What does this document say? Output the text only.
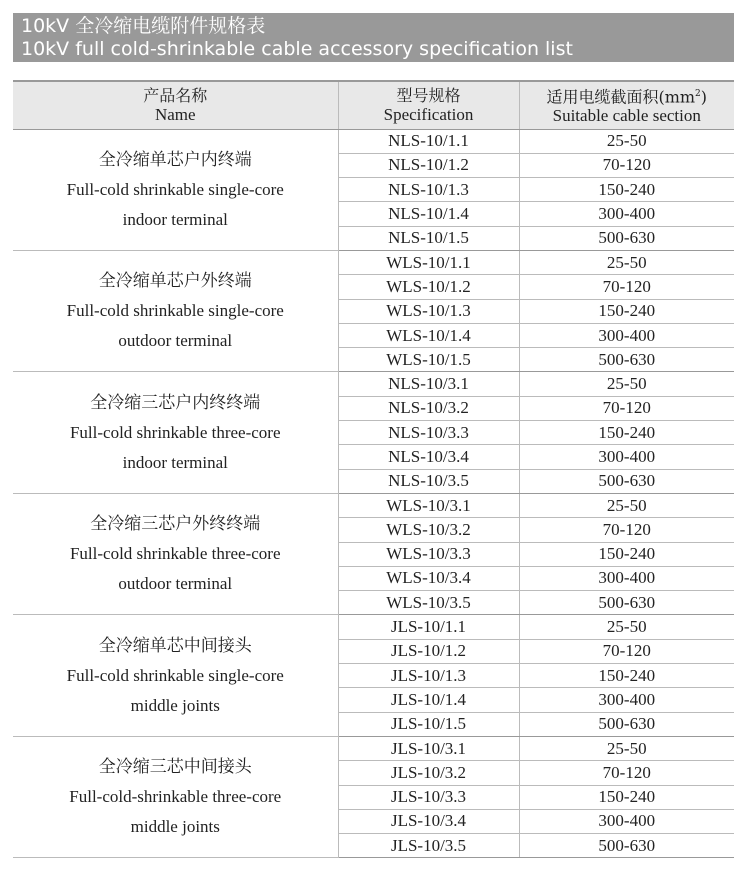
10kV 全冷缩电缆附件规格表
10kV full cold-shrinkable cable accessory specification list
产品名称
Name	型号规格
Specification	适用电缆截面积$(mm^2)$
Suitable cable section

全冷缩单芯户内终端
Full-cold shrinkable single-core
indoor terminal	NLS-10/1.1	25-50
	NLS-10/1.2	70-120
	NLS-10/1.3	150-240
	NLS-10/1.4	300-400
	NLS-10/1.5	500-630

全冷缩单芯户外终端
Full-cold shrinkable single-core
outdoor terminal	WLS-10/1.1	25-50
	WLS-10/1.2	70-120
	WLS-10/1.3	150-240
	WLS-10/1.4	300-400
	WLS-10/1.5	500-630

全冷缩三芯户内终终端
Full-cold shrinkable three-core
indoor terminal	NLS-10/3.1	25-50
	NLS-10/3.2	70-120
	NLS-10/3.3	150-240
	NLS-10/3.4	300-400
	NLS-10/3.5	500-630

全冷缩三芯户外终终端
Full-cold shrinkable three-core
outdoor terminal	WLS-10/3.1	25-50
	WLS-10/3.2	70-120
	WLS-10/3.3	150-240
	WLS-10/3.4	300-400
	WLS-10/3.5	500-630

全冷缩单芯中间接头
Full-cold shrinkable single-core
middle joints	JLS-10/1.1	25-50
	JLS-10/1.2	70-120
	JLS-10/1.3	150-240
	JLS-10/1.4	300-400
	JLS-10/1.5	500-630

全冷缩三芯中间接头
Full-cold-shrinkable three-core
middle joints	JLS-10/3.1	25-50
	JLS-10/3.2	70-120
	JLS-10/3.3	150-240
	JLS-10/3.4	300-400
	JLS-10/3.5	500-630
